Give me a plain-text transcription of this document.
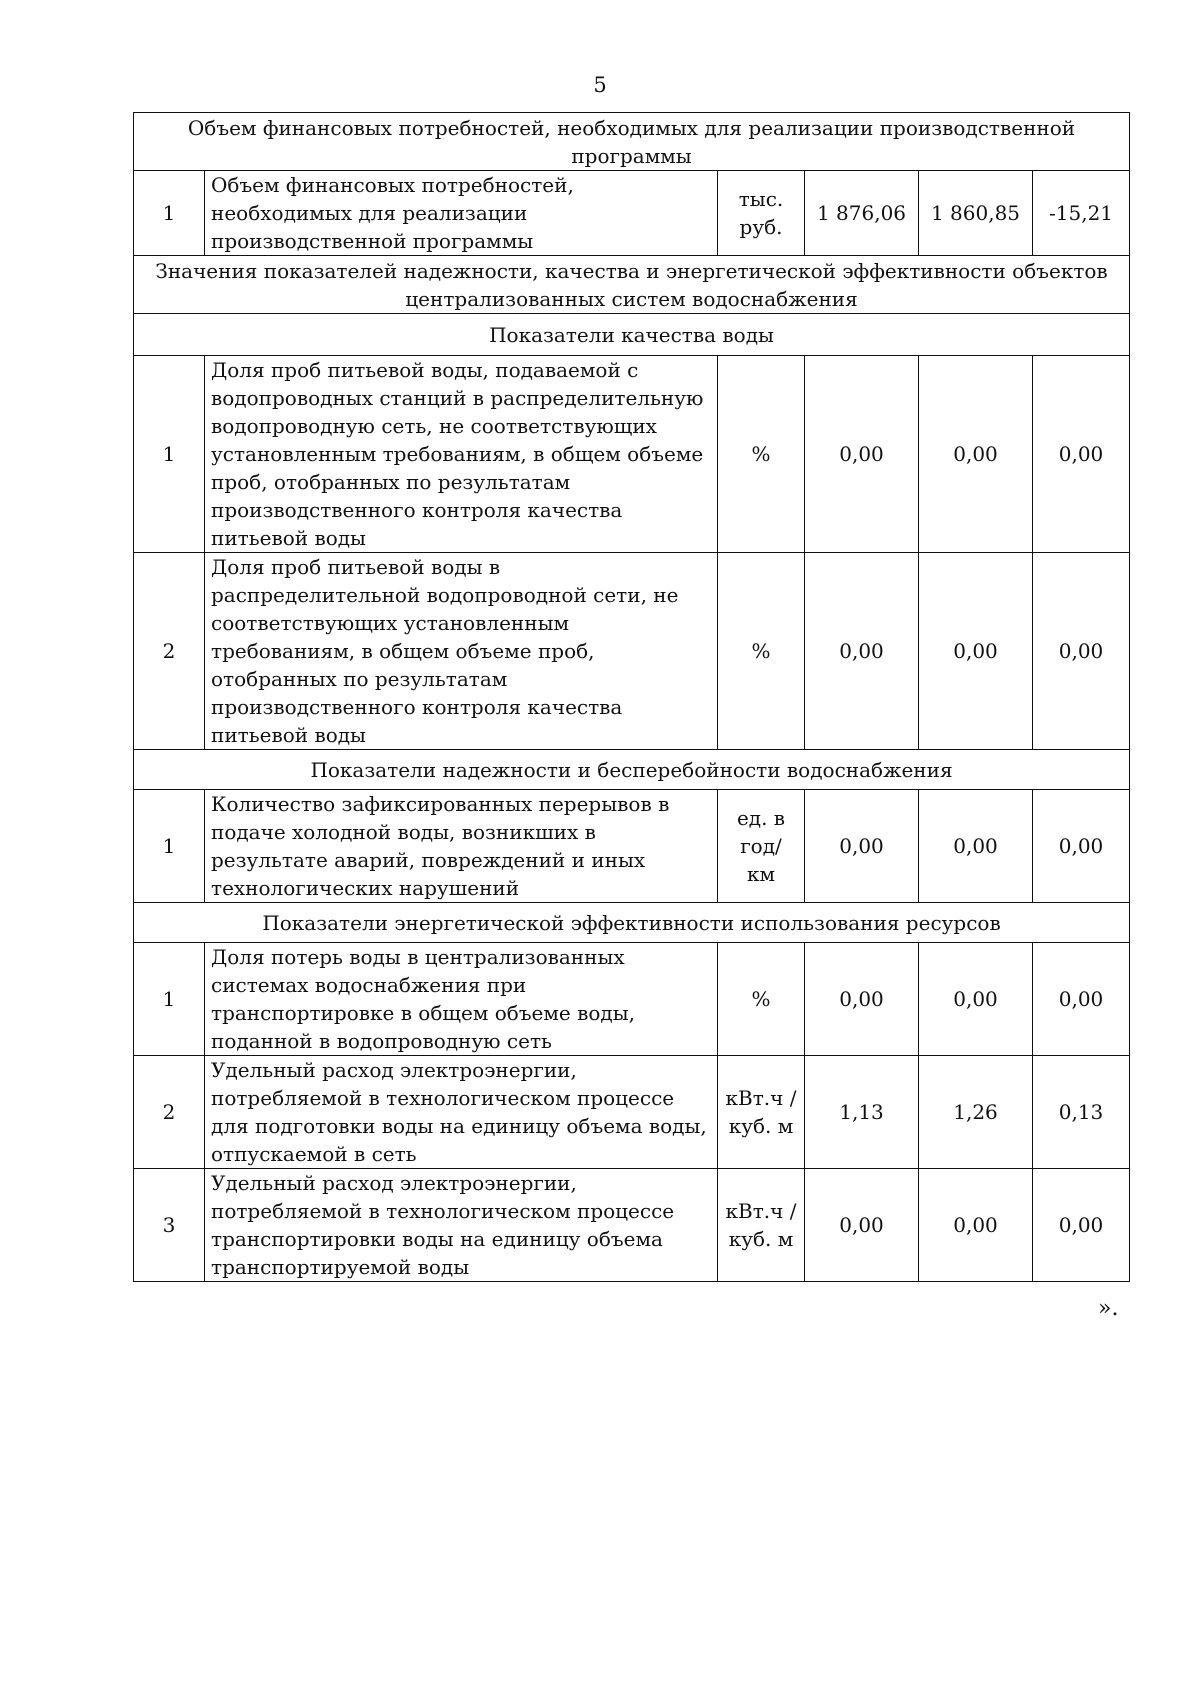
5
Объем финансовых потребностей, необходимых для реализации производственной программы					
1	Объем финансовых потребностей, необходимых для реализации производственной программы	тыс. руб.	1 876,06	1 860,85	-15,21
Значения показателей надежности, качества и энергетической эффективности объектов централизованных систем водоснабжения					
Показатели качества воды					
1	Доля проб питьевой воды, подаваемой с водопроводных станций в распределительную водопроводную сеть, не соответствующих установленным требованиям, в общем объеме проб, отобранных по результатам производственного контроля качества питьевой воды	%	0,00	0,00	0,00
2	Доля проб питьевой воды в распределительной водопроводной сети, не соответствующих установленным требованиям, в общем объеме проб, отобранных по результатам производственного контроля качества питьевой воды	%	0,00	0,00	0,00
Показатели надежности и бесперебойности водоснабжения					
1	Количество зафиксированных перерывов в подаче холодной воды, возникших в результате аварий, повреждений и иных технологических нарушений	ед. в год/ км	0,00	0,00	0,00
Показатели энергетической эффективности использования ресурсов					
1	Доля потерь воды в централизованных системах водоснабжения при транспортировке в общем объеме воды, поданной в водопроводную сеть	%	0,00	0,00	0,00
2	Удельный расход электроэнергии, потребляемой в технологическом процессе для подготовки воды на единицу объема воды, отпускаемой в сеть	кВт.ч / куб. м	1,13	1,26	0,13
3	Удельный расход электроэнергии, потребляемой в технологическом процессе транспортировки воды на единицу объема транспортируемой воды	кВт.ч / куб. м	0,00	0,00	0,00
».
